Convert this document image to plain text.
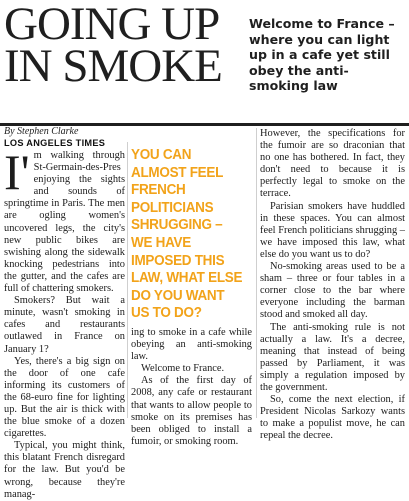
GOING UP
IN SMOKE
Welcome to France – where you can light up in a cafe yet still obey the anti-smoking law
By Stephen Clarke
LOS ANGELES TIMES

I'm walking through St-Germain-des-Pres enjoying the sights and sounds of springtime in Paris. The men are ogling women's uncovered legs, the city's new public bikes are swishing along the sidewalk knocking pedestrians into the gutter, and the cafes are full of chattering smokers.

Smokers? But wait a minute, wasn't smoking in cafes and restaurants outlawed in France on January 1?

Yes, there's a big sign on the door of one cafe informing its customers of the 68-euro fine for lighting up. But the air is thick with the blue smoke of a dozen cigarettes.

Typical, you might think, this blatant French disregard for the law. But you'd be wrong, because they're manag-

YOU CAN ALMOST FEEL FRENCH POLITICIANS SHRUGGING – WE HAVE IMPOSED THIS LAW, WHAT ELSE DO YOU WANT US TO DO?

ing to smoke in a cafe while obeying an anti-smoking law.

Welcome to France.

As of the first day of 2008, any cafe or restaurant that wants to allow people to smoke on its premises has been obliged to install a fumoir, or smoking room.

However, the specifications for the fumoir are so draconian that no one has bothered. In fact, they don't need to because it is perfectly legal to smoke on the terrace.

Parisian smokers have huddled in these spaces. You can almost feel French politicians shrugging – we have imposed this law, what else do you want us to do?

No-smoking areas used to be a sham – three or four tables in a corner close to the bar where everyone including the barman stood and smoked all day.

The anti-smoking rule is not actually a law. It's a decree, meaning that instead of being passed by Parliament, it was simply a regulation imposed by the government.

So, come the next election, if President Nicolas Sarkozy wants to make a populist move, he can repeal the decree.
